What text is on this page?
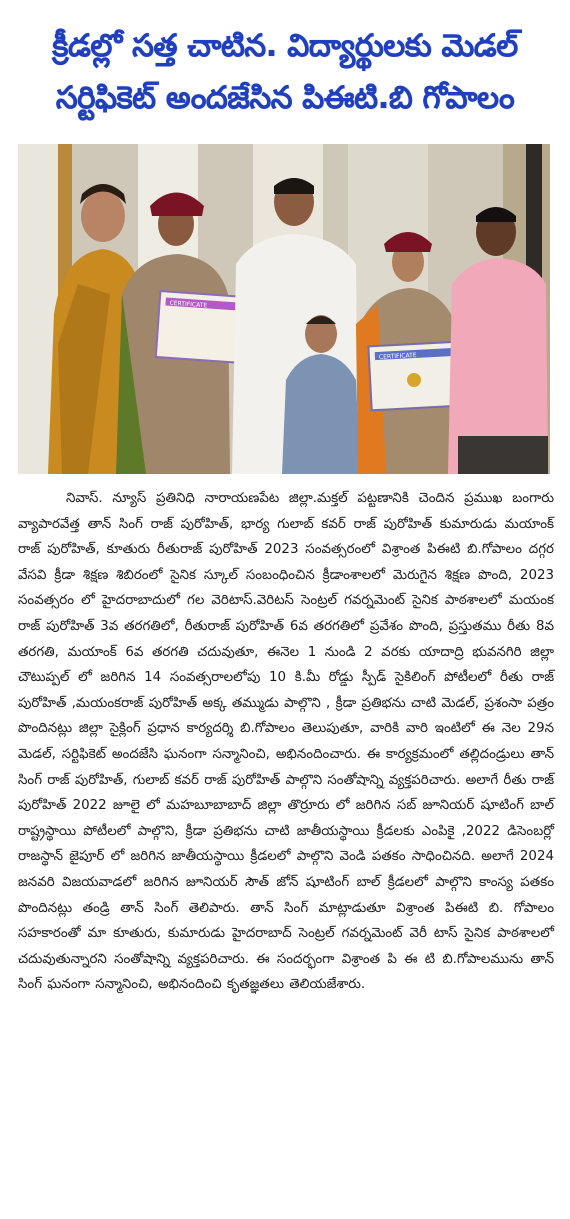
క్రీడల్లో సత్త చాటిన. విద్యార్థులకు మెడల్
సర్టిఫికెట్ అందజేసిన పిఈటి.బి గోపాలం
CERTIFICATE
CERTIFICATE

నివాస్. న్యూస్ ప్రతినిధి నారాయణపేట జిల్లా.మక్తల్ పట్టణానికి చెందిన ప్రముఖ బంగారు వ్యాపారవేత్త తాన్ సింగ్ రాజ్ పురోహిత్, భార్య గులాబ్ కవర్ రాజ్ పురోహిత్ కుమారుడు మయాంక్ రాజ్ పురోహిత్, కూతురు రీతురాజ్ పురోహిత్ 2023 సంవత్సరంలో విశ్రాంత పిఈటి బి.గోపాలం దగ్గర వేసవి క్రీడా శిక్షణ శిబిరంలో సైనిక స్కూల్ సంబంధించిన క్రీడాంశాలలో మెరుగైన శిక్షణ పొంది, 2023 సంవత్సరం లో హైదరాబాదులో గల వెరిటాస్.వెరిటస్ సెంట్రల్ గవర్నమెంట్ సైనిక పాఠశాలలో మయంక రాజ్ పురోహిత్ 3వ తరగతిలో, రీతురాజ్ పురోహిత్ 6వ తరగతిలో ప్రవేశం పొంది, ప్రస్తుతము రీతు 8వ తరగతి, మయాంక్ 6వ తరగతి చదువుతూ, ఈనెల 1 నుండి 2 వరకు యాదాద్రి భువనగిరి జిల్లా చౌటుప్పల్ లో జరిగిన 14 సంవత్సరాలలోపు 10 కి.మీ రోడ్డు స్పీడ్ సైకిలింగ్ పోటీలలో రీతు రాజ్ పురోహిత్ ,మయంకరాజ్ పురోహిత్ అక్క తమ్ముడు పాల్గొని , క్రీడా ప్రతిభను చాటి మెడల్, ప్రశంసా పత్రం పొందినట్లు జిల్లా సైక్లింగ్ ప్రధాన కార్యదర్శి బి.గోపాలం తెలుపుతూ, వారికి వారి ఇంటిలో ఈ నెల 29న మెడల్, సర్టిఫికెట్ అందజేసి ఘనంగా సన్మానించి, అభినందించారు. ఈ కార్యక్రమంలో తల్లిదండ్రులు తాన్ సింగ్ రాజ్ పురోహిత్, గులాబ్ కవర్ రాజ్ పురోహిత్ పాల్గొని సంతోషాన్ని వ్యక్తపరిచారు. అలాగే రీతు రాజ్ పురోహిత్ 2022 జూలై లో మహబూబాబాద్ జిల్లా తొర్రూరు లో జరిగిన సబ్ జూనియర్ షూటింగ్ బాల్ రాష్ట్రస్థాయి పోటీలలో పాల్గొని, క్రీడా ప్రతిభను చాటి జాతీయస్థాయి క్రీడలకు ఎంపికై ,2022 డిసెంబర్లో రాజస్థాన్ జైపూర్ లో జరిగిన జాతీయస్థాయి క్రీడలలో పాల్గొని వెండి పతకం సాధించినది. అలాగే 2024 జనవరి విజయవాడలో జరిగిన జూనియర్ సౌత్ జోన్ షూటింగ్ బాల్ క్రీడలలో పాల్గొని కాంస్య పతకం పొందినట్లు తండ్రి తాన్ సింగ్ తెలిపారు. తాన్ సింగ్ మాట్లాడుతూ విశ్రాంత పిఈటి బి. గోపాలం సహకారంతో మా కూతురు, కుమారుడు హైదరాబాద్ సెంట్రల్ గవర్నమెంట్ వెరీ టాస్ సైనిక పాఠశాలలో చదువుతున్నారని సంతోషాన్ని వ్యక్తపరిచారు. ఈ సందర్భంగా విశ్రాంత పి ఈ టి బి.గోపాలమును తాన్ సింగ్ ఘనంగా సన్మానించి, అభినందించి కృతజ్ఞతలు తెలియజేశారు.
